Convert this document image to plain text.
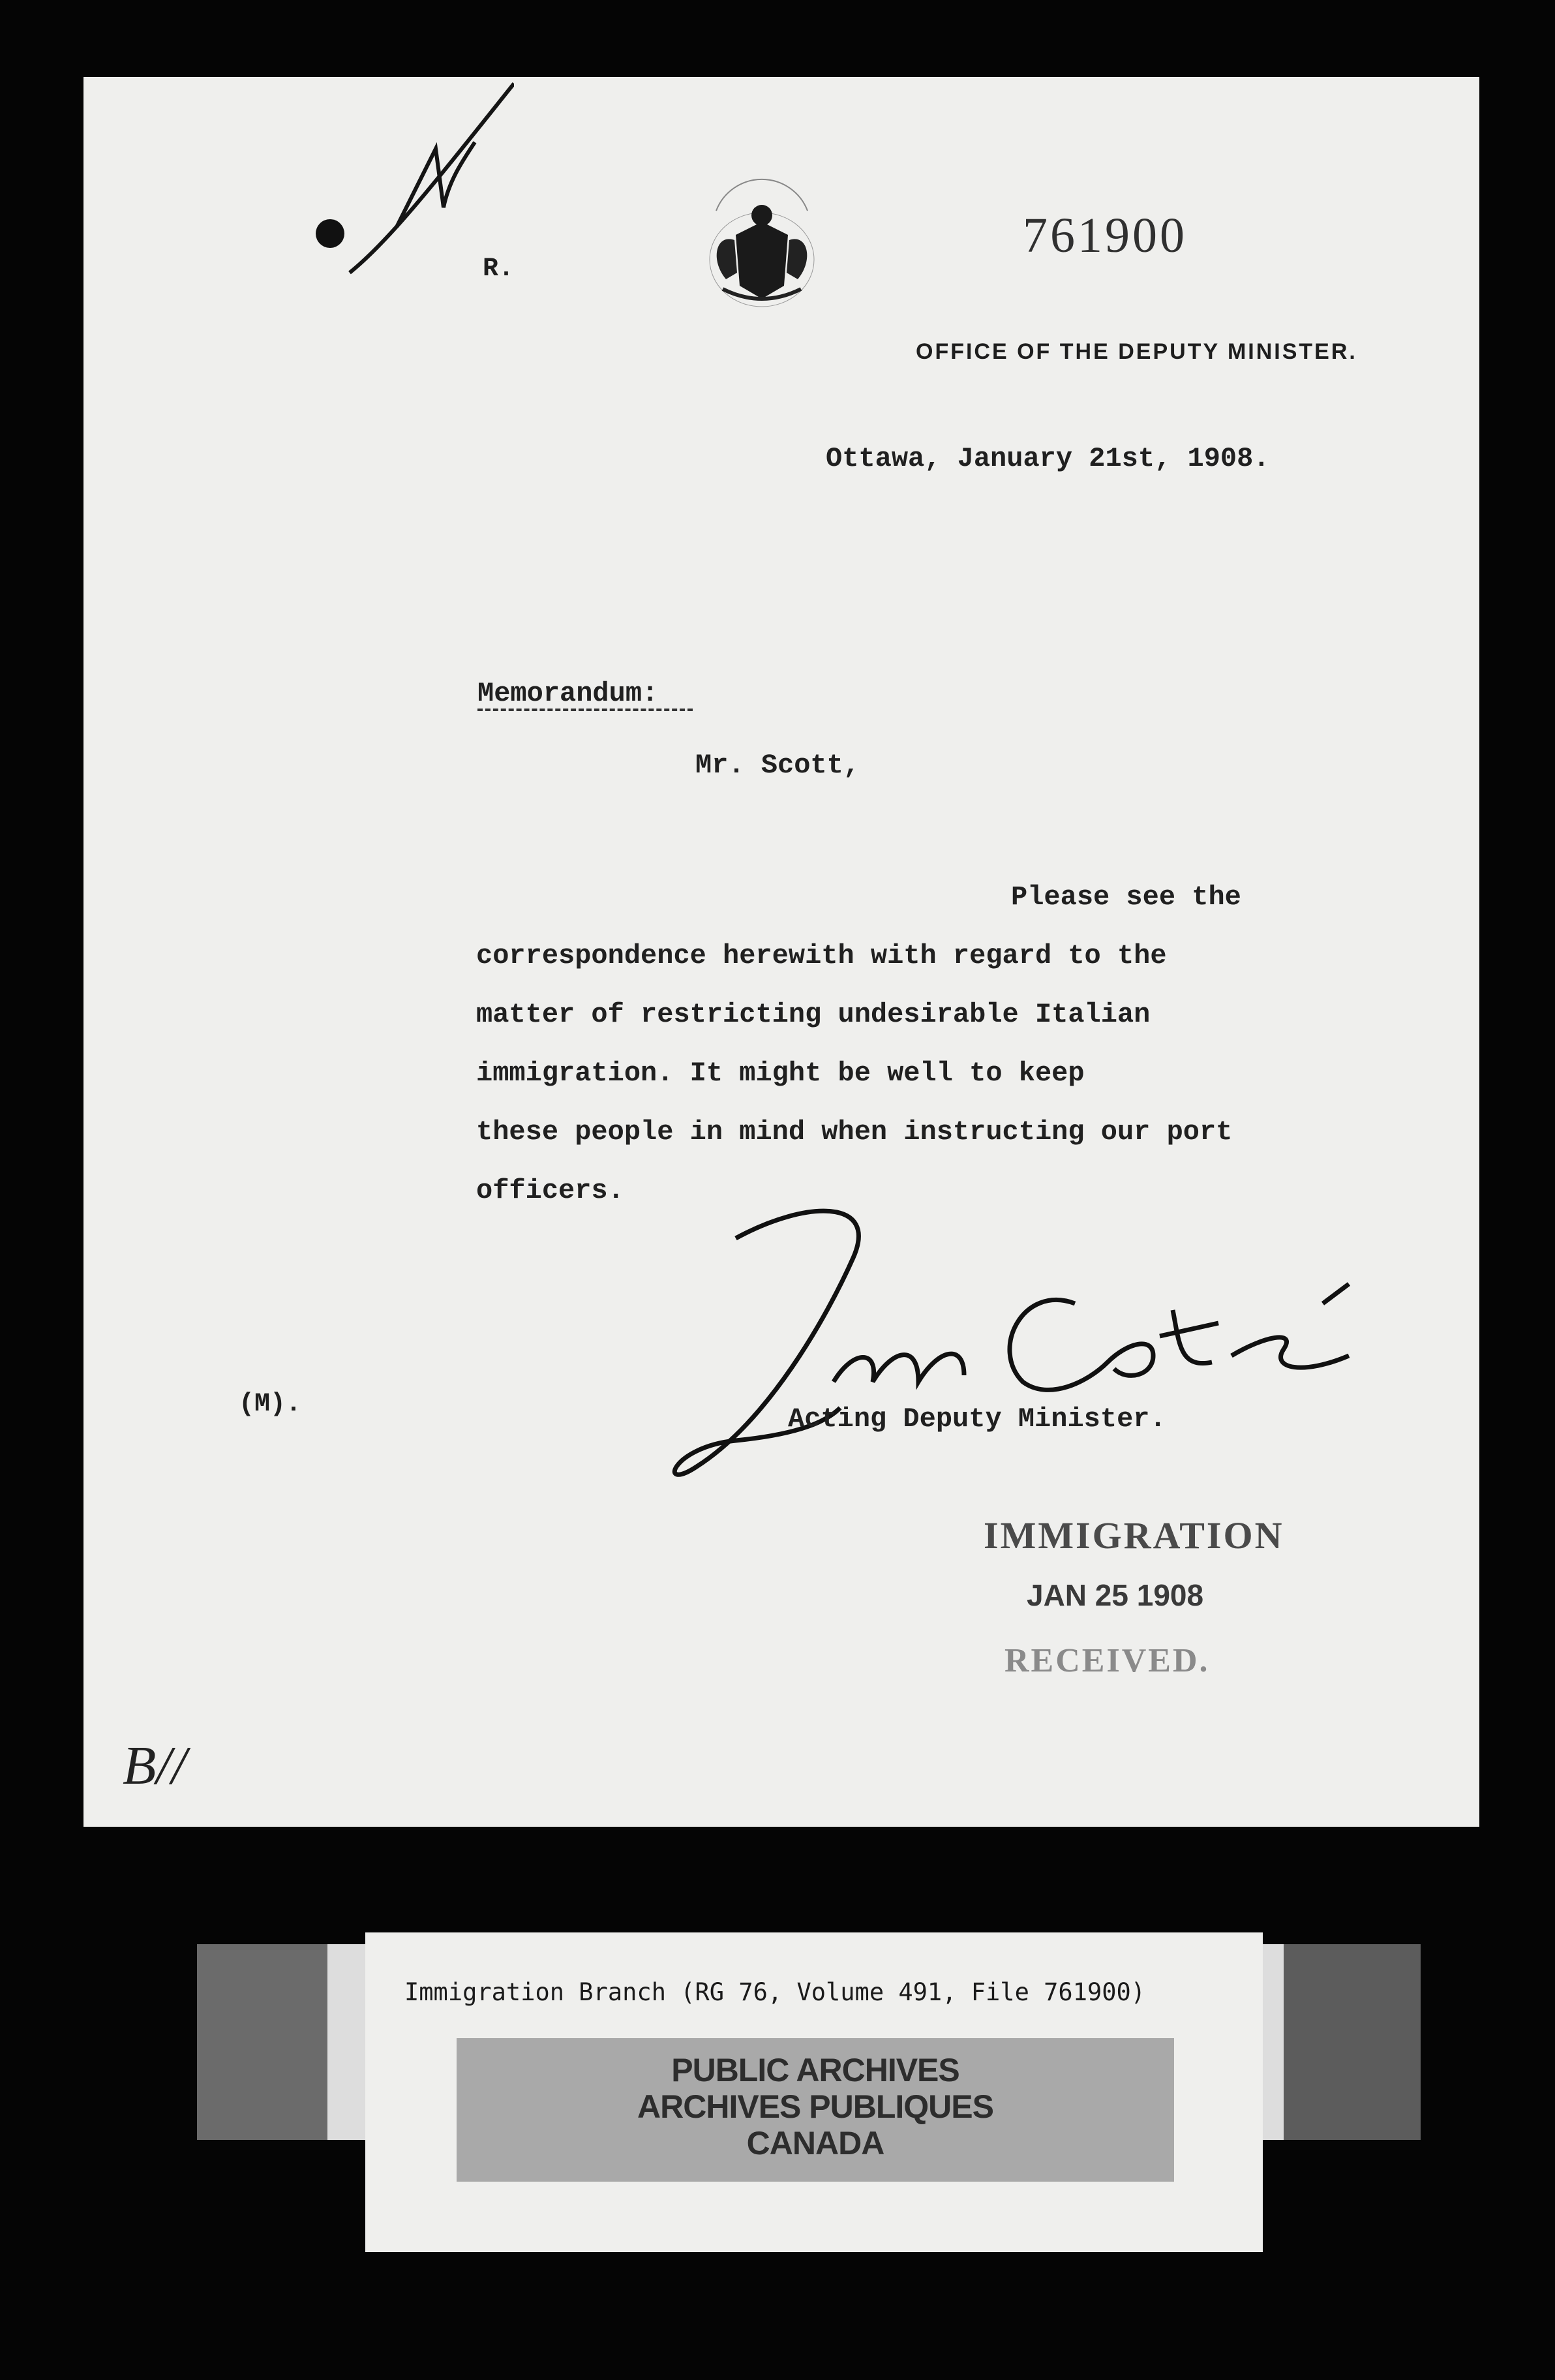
761900
R.
OFFICE OF THE DEPUTY MINISTER.
Ottawa, January 21st, 1908.
Memorandum:
Mr. Scott,
Please see the
correspondence herewith with regard to the
matter of restricting undesirable Italian
immigration. It might be well to keep
these people in mind when instructing our port
officers.
(M).	Acting Deputy Minister.
IMMIGRATION
JAN 25 1908
RECEIVED.
B//
Immigration Branch (RG 76, Volume 491, File 761900)
PUBLIC ARCHIVES
ARCHIVES PUBLIQUES
CANADA
